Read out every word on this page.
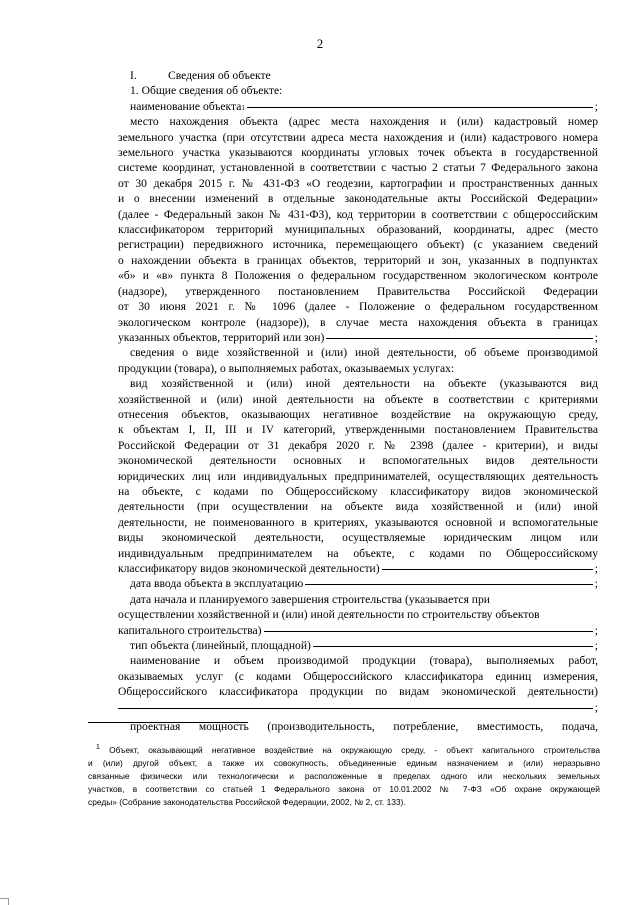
2
I.	Сведения об объекте
1. Общие сведения об объекте:
наименование объекта 1	;
место нахождения объекта (адрес места нахождения и (или) кадастровый номер
земельного участка (при отсутствии адреса места нахождения и (или) кадастрового номера
земельного участка указываются координаты угловых точек объекта в государственной
системе координат, установленной в соответствии с частью 2 статьи 7 Федерального закона
от 30 декабря 2015 г. № 431-ФЗ «О геодезии, картографии и пространственных данных
и о внесении изменений в отдельные законодательные акты Российской Федерации»
(далее - Федеральный закон № 431-ФЗ), код территории в соответствии с общероссийским
классификатором территорий муниципальных образований, координаты, адрес (место
регистрации) передвижного источника, перемещающего объект) (с указанием сведений
о нахождении объекта в границах объектов, территорий и зон, указанных в подпунктах
«б» и «в» пункта 8 Положения о федеральном государственном экологическом контроле
(надзоре), утвержденного постановлением Правительства Российской Федерации
от 30 июня 2021 г. № 1096 (далее - Положение о федеральном государственном
экологическом контроле (надзоре)), в случае места нахождения объекта в границах
указанных объектов, территорий или зон)	;
сведения о виде хозяйственной и (или) иной деятельности, об объеме производимой
продукции (товара), о выполняемых работах, оказываемых услугах:
вид хозяйственной и (или) иной деятельности на объекте (указываются вид
хозяйственной и (или) иной деятельности на объекте в соответствии с критериями
отнесения объектов, оказывающих негативное воздействие на окружающую среду,
к объектам I, II, III и IV категорий, утвержденными постановлением Правительства
Российской Федерации от 31 декабря 2020 г. № 2398 (далее - критерии), и виды
экономической деятельности основных и вспомогательных видов деятельности
юридических лиц или индивидуальных предпринимателей, осуществляющих деятельность
на объекте, с кодами по Общероссийскому классификатору видов экономической
деятельности (при осуществлении на объекте вида хозяйственной и (или) иной
деятельности, не поименованного в критериях, указываются основной и вспомогательные
виды экономической деятельности, осуществляемые юридическим лицом или
индивидуальным предпринимателем на объекте, с кодами по Общероссийскому
классификатору видов экономической деятельности)	;
дата ввода объекта в эксплуатацию	;
дата начала и планируемого завершения строительства (указывается при
осуществлении хозяйственной и (или) иной деятельности по строительству объектов
капитального строительства)	;
тип объекта (линейный, площадной)	;
наименование и объем производимой продукции (товара), выполняемых работ,
оказываемых услуг (с кодами Общероссийского классификатора единиц измерения,
Общероссийского классификатора продукции по видам экономической деятельности)
;
проектная мощность (производительность, потребление, вместимость, подача,
$^1$ Объект, оказывающий негативное воздействие на окружающую среду, - объект капитального строительства
и (или) другой объект, а также их совокупность, объединенные единым назначением и (или) неразрывно
связанные физически или технологически и расположенные в пределах одного или нескольких земельных
участков, в соответствии со статьей 1 Федерального закона от 10.01.2002 № 7-ФЗ «Об охране окружающей
среды» (Собрание законодательства Российской Федерации, 2002, № 2, ст. 133).
